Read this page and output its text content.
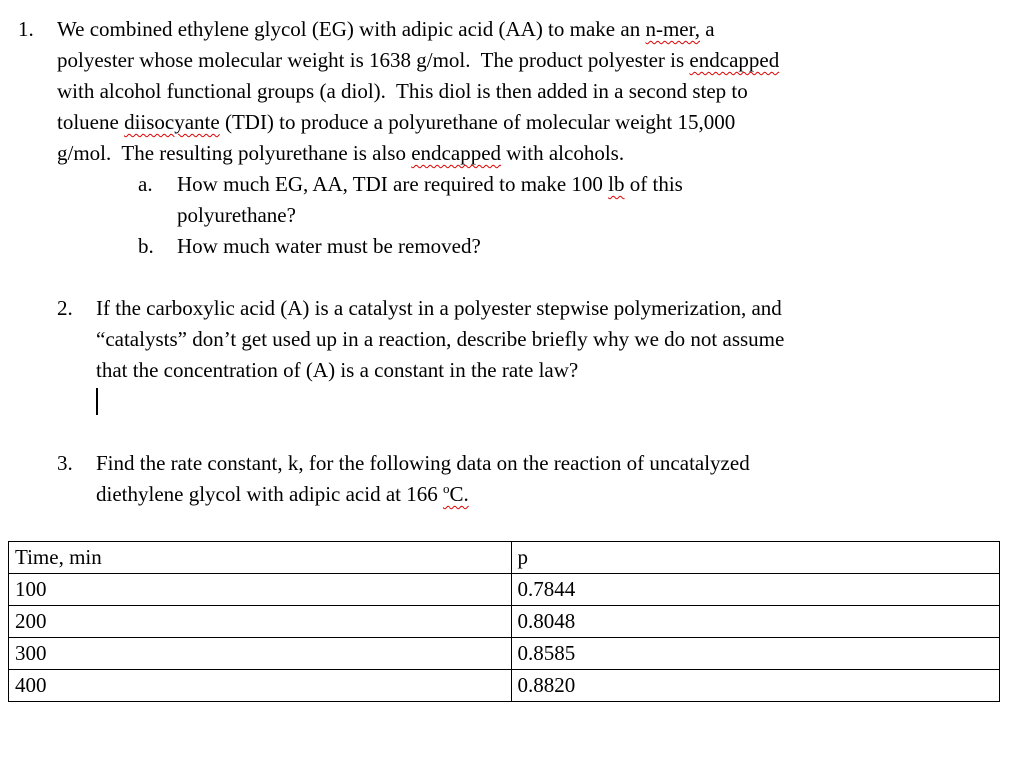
1.	We combined ethylene glycol (EG) with adipic acid (AA) to make an n-mer, a
polyester whose molecular weight is 1638 g/mol.  The product polyester is endcapped
with alcohol functional groups (a diol).  This diol is then added in a second step to
toluene diisocyante (TDI) to produce a polyurethane of molecular weight 15,000
g/mol.  The resulting polyurethane is also endcapped with alcohols.
a.	How much EG, AA, TDI are required to make 100 lb of this
polyurethane?
b.	How much water must be removed?
2.	If the carboxylic acid (A) is a catalyst in a polyester stepwise polymerization, and
“catalysts” don’t get used up in a reaction, describe briefly why we do not assume
that the concentration of (A) is a constant in the rate law?
3.	Find the rate constant, k, for the following data on the reaction of uncatalyzed
diethylene glycol with adipic acid at 166 $^o$C.
Time, min	p
100	0.7844
200	0.8048
300	0.8585
400	0.8820
